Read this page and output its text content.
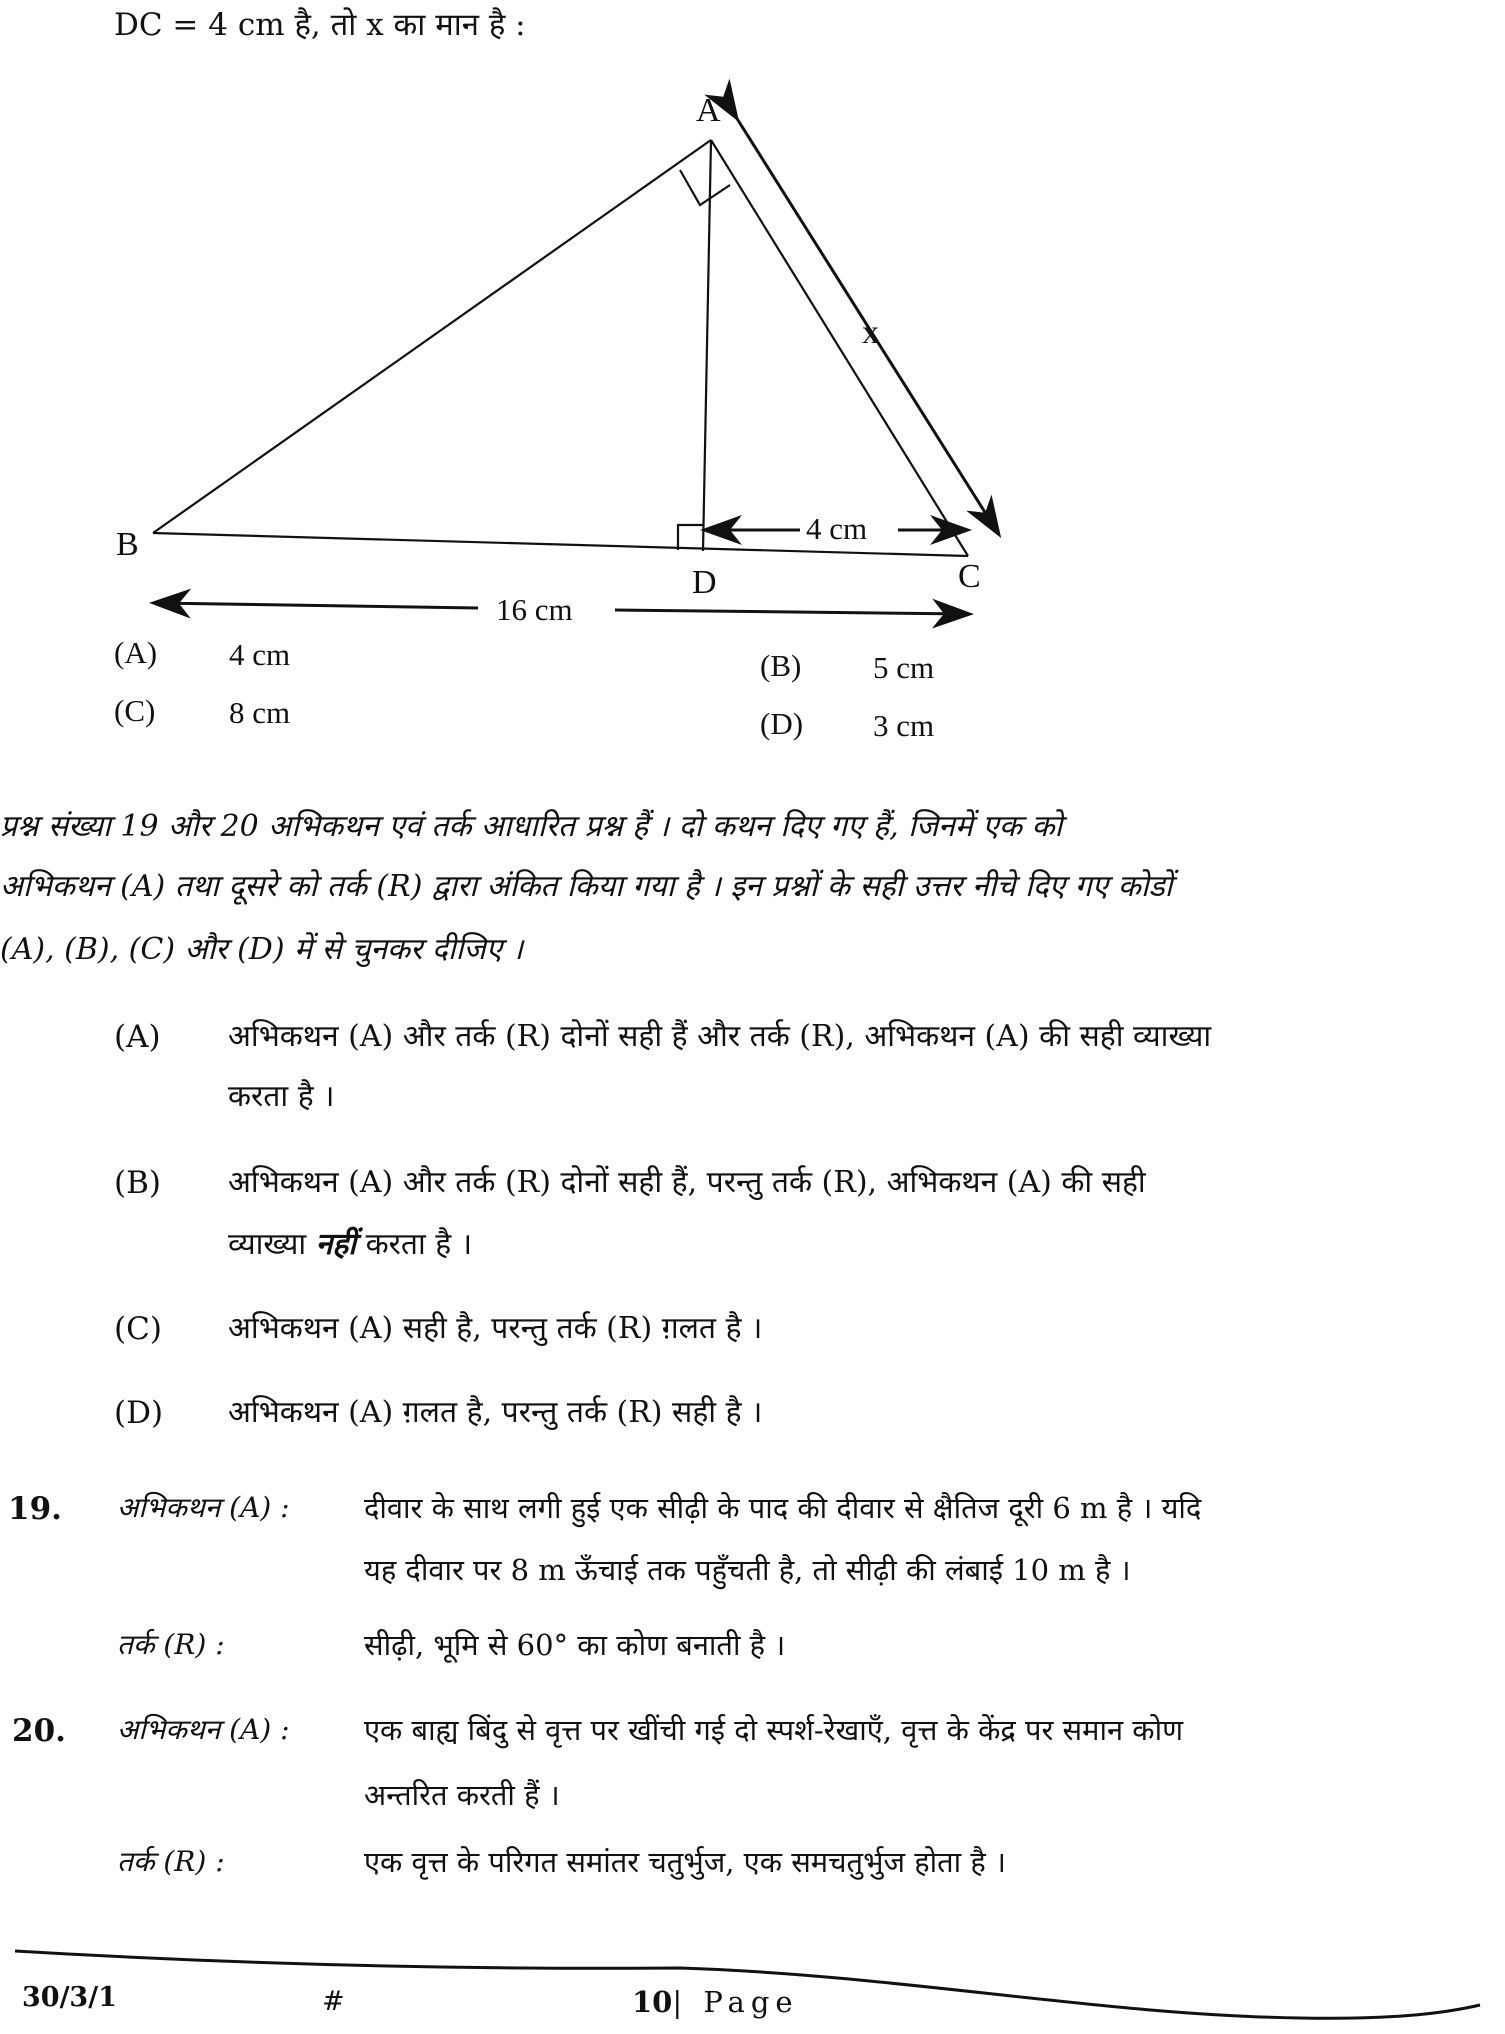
DC = 4 cm है, तो x का मान है :
A
B
C
D
x
4 cm
16 cm
(A) 4 cm	(B) 5 cm
(C) 8 cm	(D) 3 cm
प्रश्न संख्या 19 और 20 अभिकथन एवं तर्क आधारित प्रश्न हैं । दो कथन दिए गए हैं, जिनमें एक को
अभिकथन (A) तथा दूसरे को तर्क (R) द्वारा अंकित किया गया है । इन प्रश्नों के सही उत्तर नीचे दिए गए कोडों
(A), (B), (C) और (D) में से चुनकर दीजिए ।
(A) अभिकथन (A) और तर्क (R) दोनों सही हैं और तर्क (R), अभिकथन (A) की सही व्याख्या
करता है ।
(B) अभिकथन (A) और तर्क (R) दोनों सही हैं, परन्तु तर्क (R), अभिकथन (A) की सही
व्याख्या नहीं करता है ।
(C) अभिकथन (A) सही है, परन्तु तर्क (R) ग़लत है ।
(D) अभिकथन (A) ग़लत है, परन्तु तर्क (R) सही है ।
19. अभिकथन (A) :	दीवार के साथ लगी हुई एक सीढ़ी के पाद की दीवार से क्षैतिज दूरी 6 m है । यदि
यह दीवार पर 8 m ऊँचाई तक पहुँचती है, तो सीढ़ी की लंबाई 10 m है ।
तर्क (R) :	सीढ़ी, भूमि से 60° का कोण बनाती है ।
20. अभिकथन (A) :	एक बाह्य बिंदु से वृत्त पर खींची गई दो स्पर्श-रेखाएँ, वृत्त के केंद्र पर समान कोण
अन्तरित करती हैं ।
तर्क (R) :	एक वृत्त के परिगत समांतर चतुर्भुज, एक समचतुर्भुज होता है ।
30/3/1	#	10| Page
